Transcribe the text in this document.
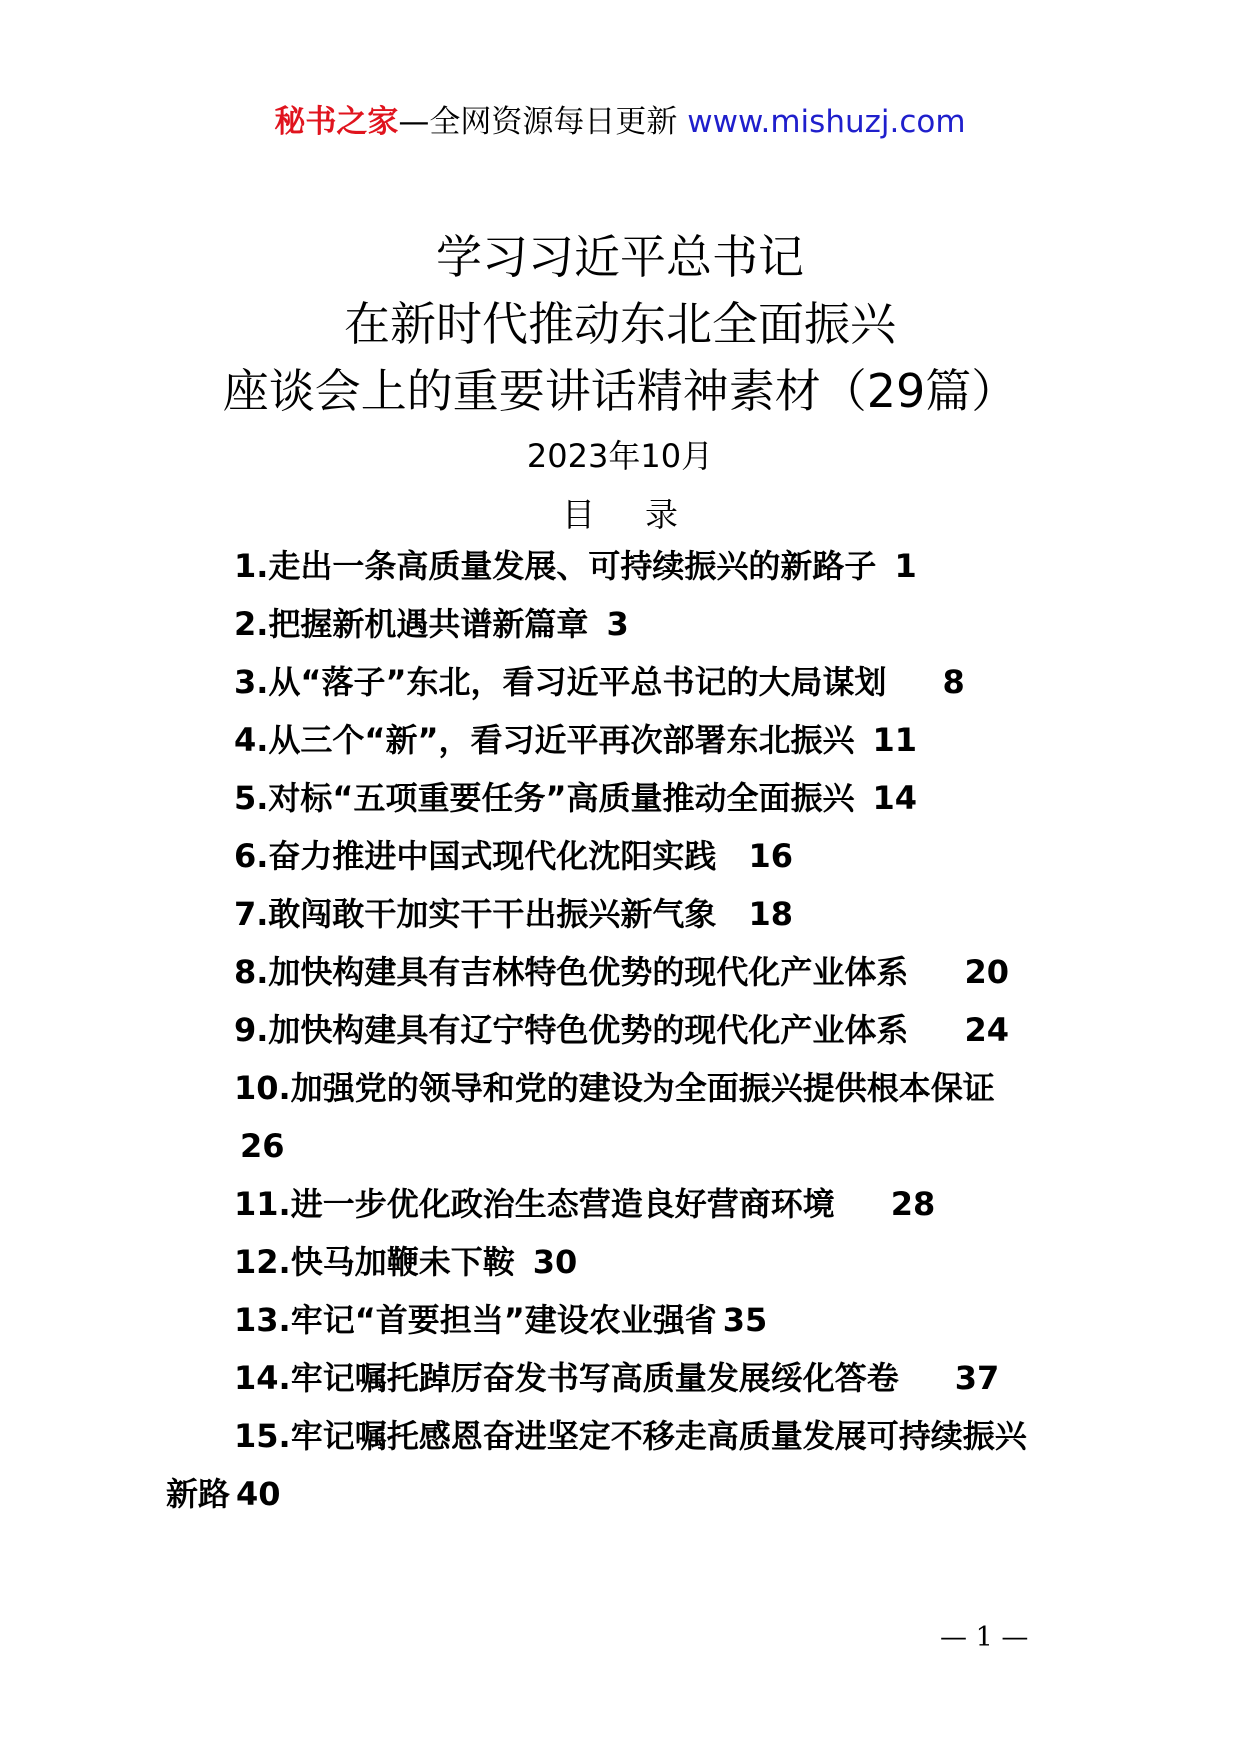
秘书之家—全网资源每日更新 www.mishuzj.com
学习习近平总书记
在新时代推动东北全面振兴
座谈会上的重要讲话精神素材（29篇）
2023年10月
目录
1.走出一条高质量发展、可持续振兴的新路子 1
2.把握新机遇共谱新篇章 3
3.从“落子”东北，看习近平总书记的大局谋划 8
4.从三个“新”，看习近平再次部署东北振兴 11
5.对标“五项重要任务”高质量推动全面振兴 14
6.奋力推进中国式现代化沈阳实践 16
7.敢闯敢干加实干干出振兴新气象 18
8.加快构建具有吉林特色优势的现代化产业体系 20
9.加快构建具有辽宁特色优势的现代化产业体系 24
10.加强党的领导和党的建设为全面振兴提供根本保证
26
11.进一步优化政治生态营造良好营商环境 28
12.快马加鞭未下鞍 30
13.牢记“首要担当”建设农业强省 35
14.牢记嘱托踔厉奋发书写高质量发展绥化答卷 37
15.牢记嘱托感恩奋进坚定不移走高质量发展可持续振兴
新路 40
— 1 —
